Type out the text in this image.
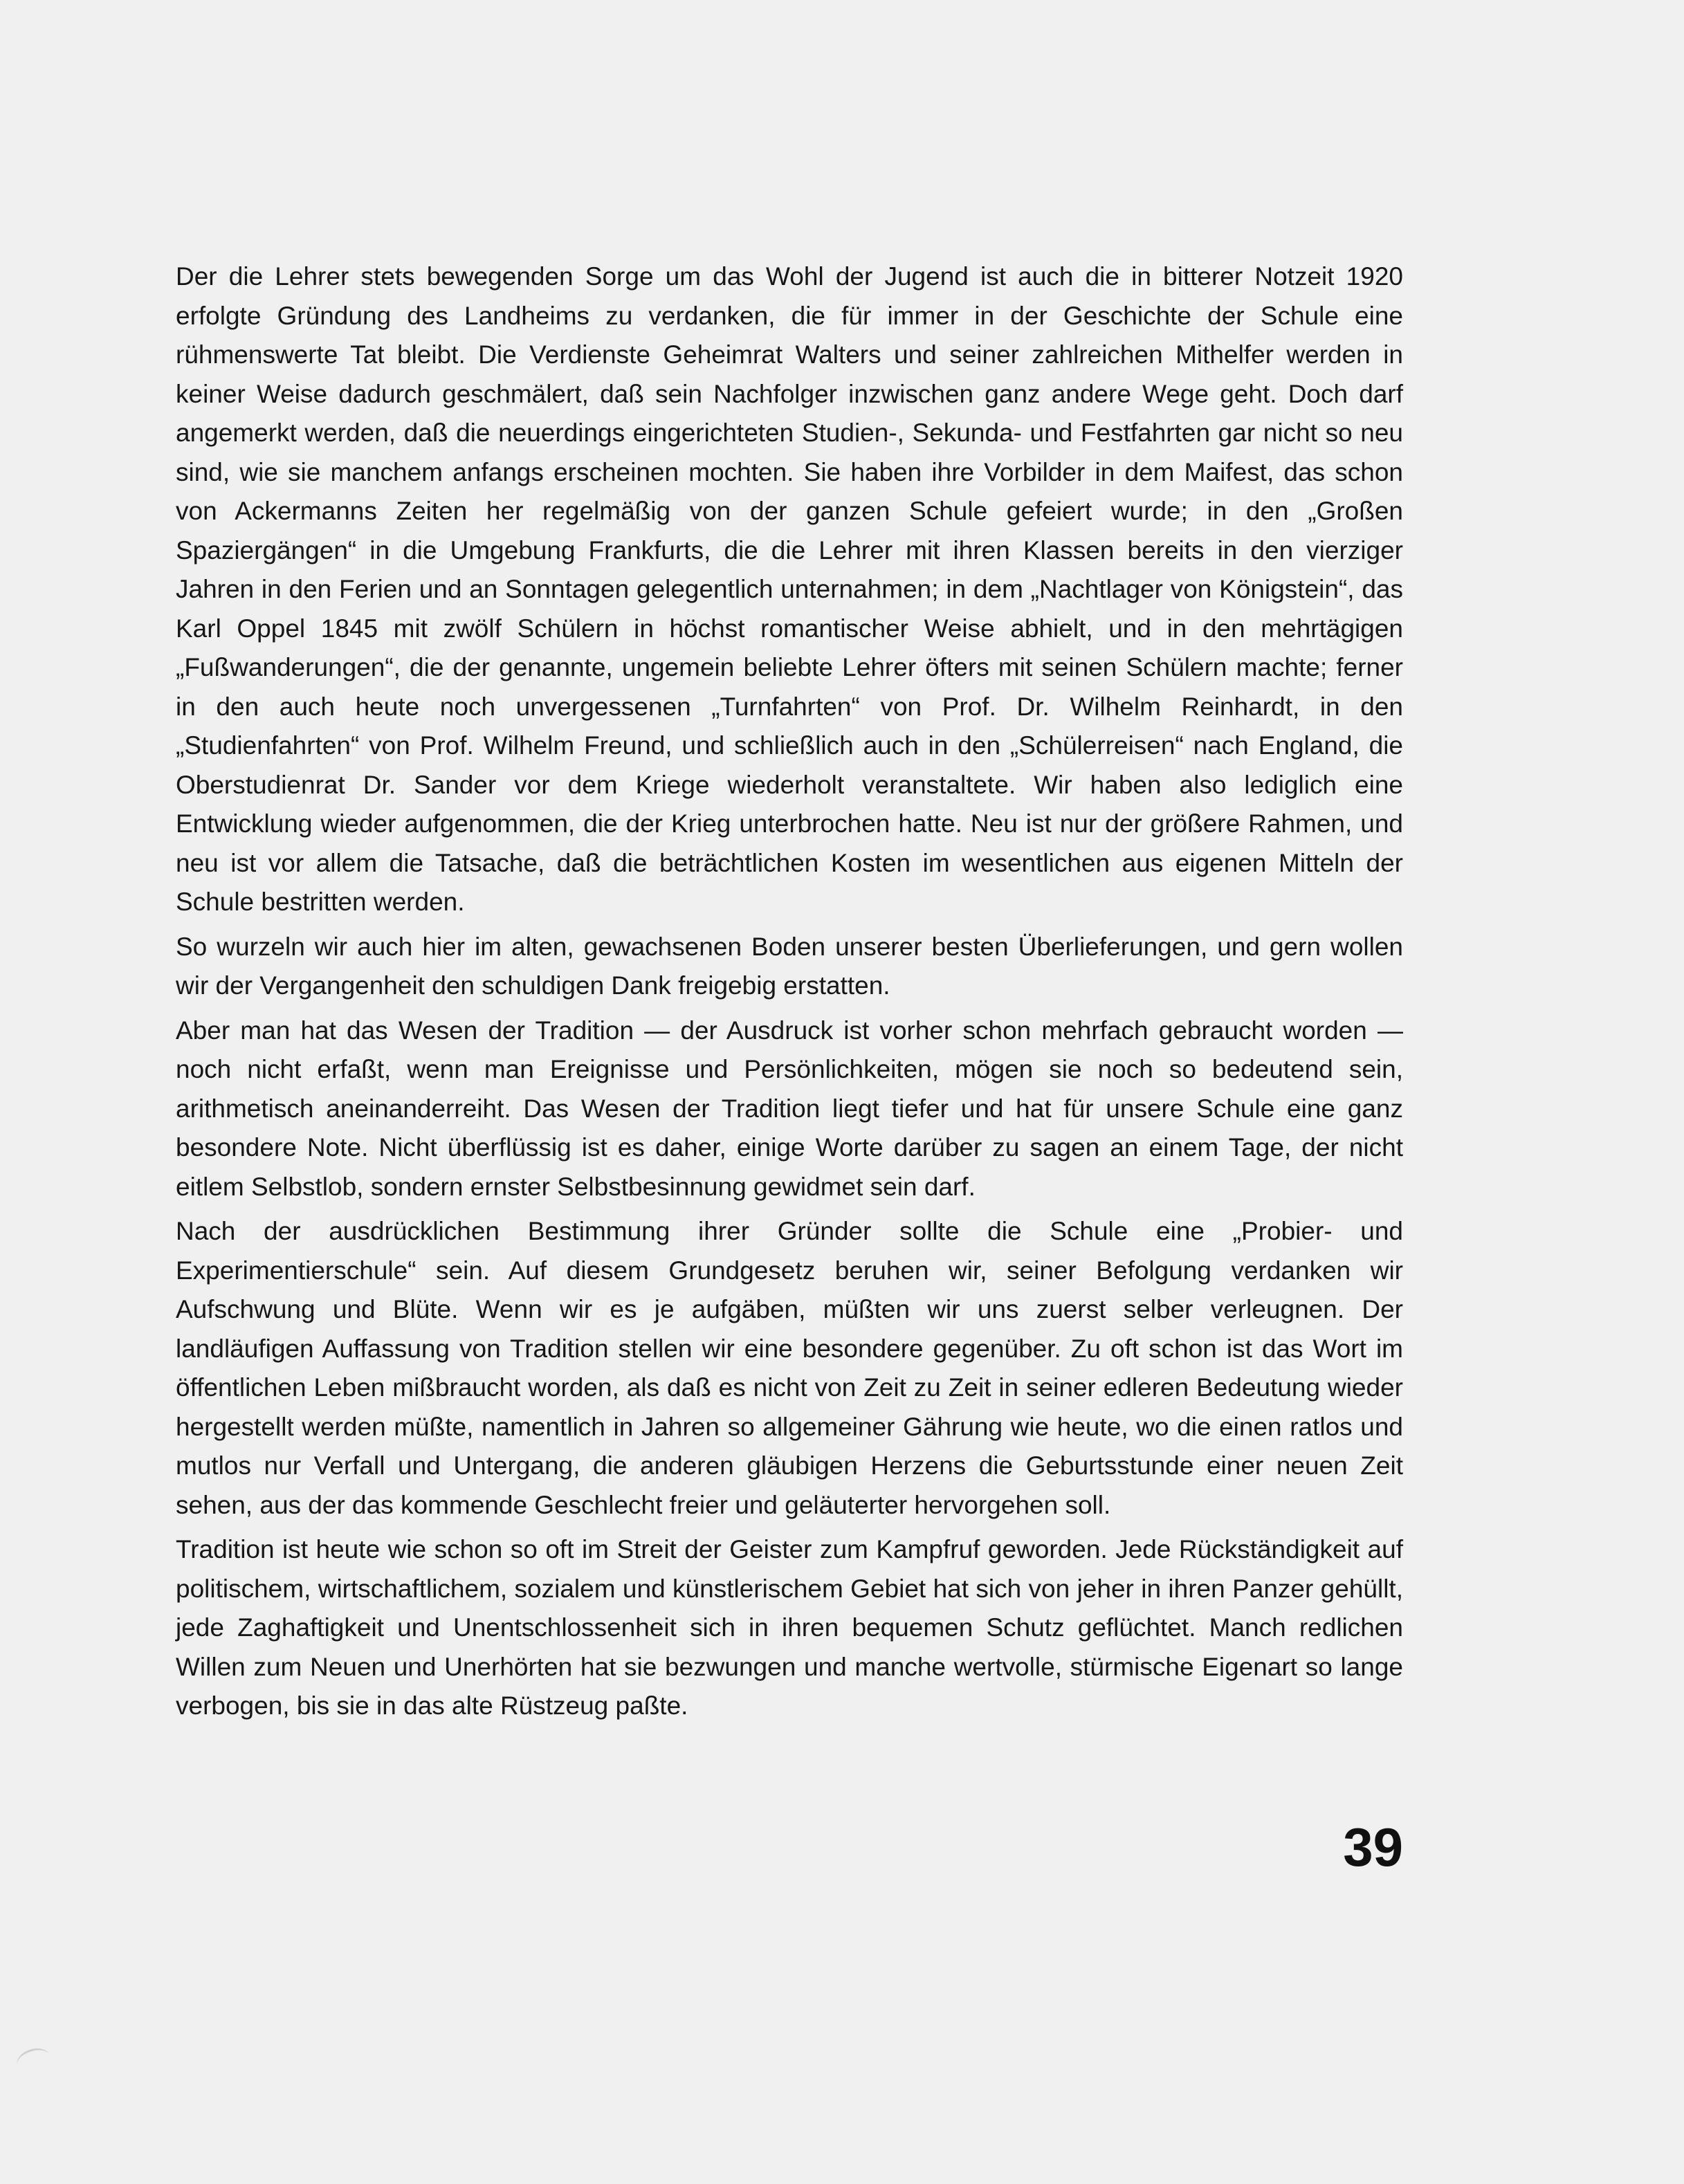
Der die Lehrer stets bewegenden Sorge um das Wohl der Jugend ist auch die in bitterer Notzeit 1920 erfolgte Gründung des Landheims zu verdanken, die für immer in der Geschichte der Schule eine rühmenswerte Tat bleibt. Die Verdienste Geheimrat Walters und seiner zahlreichen Mithelfer werden in keiner Weise dadurch geschmälert, daß sein Nachfolger inzwischen ganz andere Wege geht. Doch darf angemerkt werden, daß die neuerdings eingerichteten Studien-, Sekunda- und Festfahrten gar nicht so neu sind, wie sie manchem anfangs erscheinen mochten. Sie haben ihre Vorbilder in dem Maifest, das schon von Ackermanns Zeiten her regelmäßig von der ganzen Schule gefeiert wurde; in den „Großen Spaziergängen“ in die Umgebung Frankfurts, die die Lehrer mit ihren Klassen bereits in den vierziger Jahren in den Ferien und an Sonntagen gelegentlich unternahmen; in dem „Nachtlager von Königstein“, das Karl Oppel 1845 mit zwölf Schülern in höchst romantischer Weise abhielt, und in den mehrtägigen „Fußwanderungen“, die der genannte, ungemein beliebte Lehrer öfters mit seinen Schülern machte; ferner in den auch heute noch unvergessenen „Turnfahrten“ von Prof. Dr. Wilhelm Reinhardt, in den „Studienfahrten“ von Prof. Wilhelm Freund, und schließlich auch in den „Schülerreisen“ nach England, die Oberstudienrat Dr. Sander vor dem Kriege wiederholt veranstaltete. Wir haben also lediglich eine Entwicklung wieder aufgenommen, die der Krieg unterbrochen hatte. Neu ist nur der größere Rahmen, und neu ist vor allem die Tatsache, daß die beträchtlichen Kosten im wesentlichen aus eigenen Mitteln der Schule bestritten werden.

So wurzeln wir auch hier im alten, gewachsenen Boden unserer besten Überlieferungen, und gern wollen wir der Vergangenheit den schuldigen Dank freigebig erstatten.

Aber man hat das Wesen der Tradition — der Ausdruck ist vorher schon mehrfach gebraucht worden — noch nicht erfaßt, wenn man Ereignisse und Persönlichkeiten, mögen sie noch so bedeutend sein, arithmetisch aneinanderreiht. Das Wesen der Tradition liegt tiefer und hat für unsere Schule eine ganz besondere Note. Nicht überflüssig ist es daher, einige Worte darüber zu sagen an einem Tage, der nicht eitlem Selbstlob, sondern ernster Selbstbesinnung gewidmet sein darf.

Nach der ausdrücklichen Bestimmung ihrer Gründer sollte die Schule eine „Probier- und Experimentierschule“ sein. Auf diesem Grundgesetz beruhen wir, seiner Befolgung verdanken wir Aufschwung und Blüte. Wenn wir es je aufgäben, müßten wir uns zuerst selber verleugnen. Der landläufigen Auffassung von Tradition stellen wir eine besondere gegenüber. Zu oft schon ist das Wort im öffentlichen Leben mißbraucht worden, als daß es nicht von Zeit zu Zeit in seiner edleren Bedeutung wieder hergestellt werden müßte, namentlich in Jahren so allgemeiner Gährung wie heute, wo die einen ratlos und mutlos nur Verfall und Untergang, die anderen gläubigen Herzens die Geburtsstunde einer neuen Zeit sehen, aus der das kommende Geschlecht freier und geläuterter hervorgehen soll.

Tradition ist heute wie schon so oft im Streit der Geister zum Kampfruf geworden. Jede Rückständigkeit auf politischem, wirtschaftlichem, sozialem und künstlerischem Gebiet hat sich von jeher in ihren Panzer gehüllt, jede Zaghaftigkeit und Unentschlossenheit sich in ihren bequemen Schutz geflüchtet. Manch redlichen Willen zum Neuen und Unerhörten hat sie bezwungen und manche wertvolle, stürmische Eigenart so lange verbogen, bis sie in das alte Rüstzeug paßte.

39
